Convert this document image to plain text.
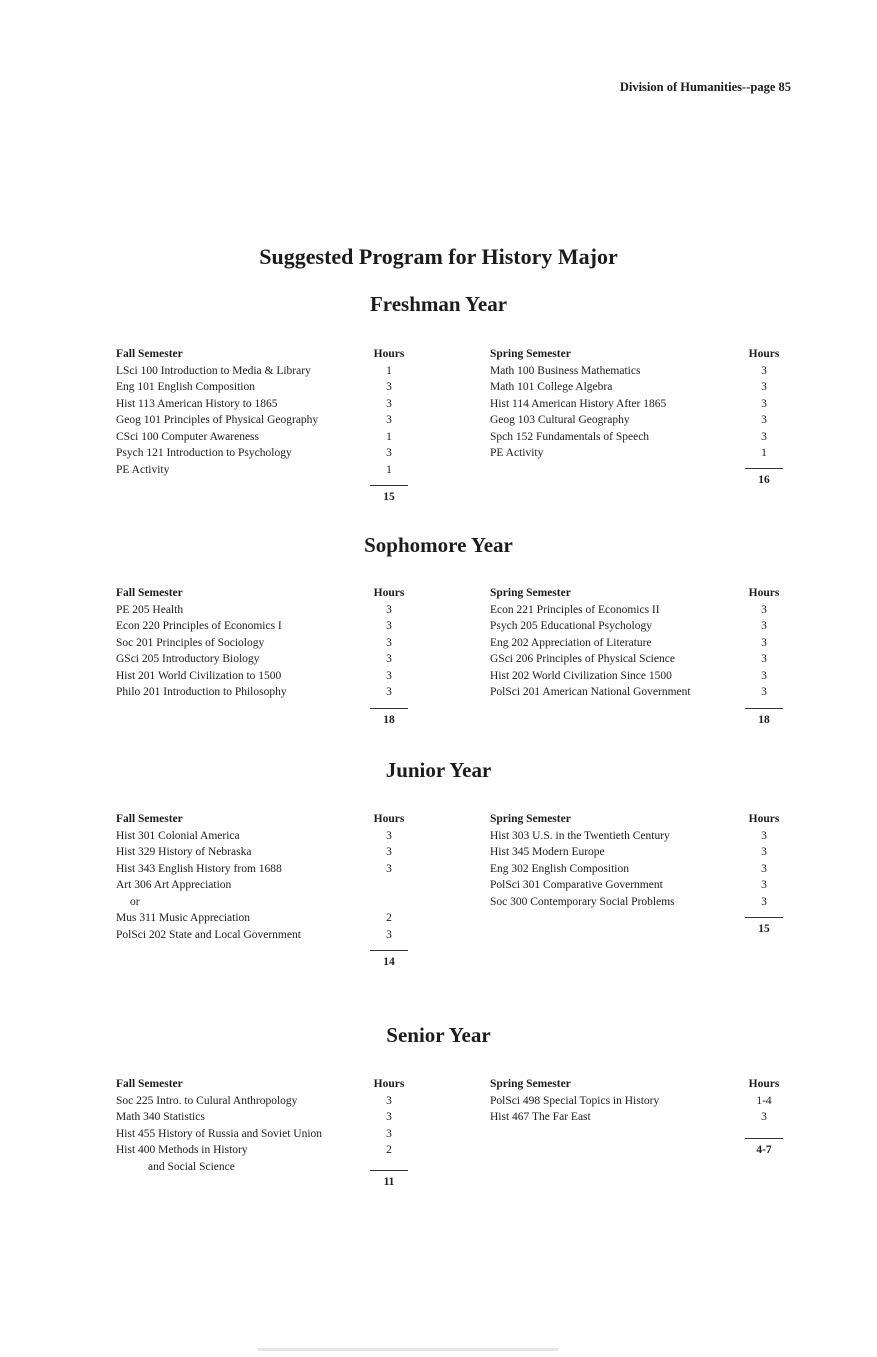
Division of Humanities--page 85
Suggested Program for History Major
Freshman Year
Fall Semester	Hours
LSci 100 Introduction to Media & Library	1
Eng 101 English Composition	3
Hist 113 American History to 1865	3
Geog 101 Principles of Physical Geography	3
CSci 100 Computer Awareness	1
Psych 121 Introduction to Psychology	3
PE Activity	1
15
Spring Semester	Hours
Math 100 Business Mathematics	3
Math 101 College Algebra	3
Hist 114 American History After 1865	3
Geog 103 Cultural Geography	3
Spch 152 Fundamentals of Speech	3
PE Activity	1
16
Sophomore Year
Fall Semester	Hours
PE 205 Health	3
Econ 220 Principles of Economics I	3
Soc 201 Principles of Sociology	3
GSci 205 Introductory Biology	3
Hist 201 World Civilization to 1500	3
Philo 201 Introduction to Philosophy	3
18
Spring Semester	Hours
Econ 221 Principles of Economics II	3
Psych 205 Educational Psychology	3
Eng 202 Appreciation of Literature	3
GSci 206 Principles of Physical Science	3
Hist 202 World Civilization Since 1500	3
PolSci 201 American National Government	3
18
Junior Year
Fall Semester	Hours
Hist 301 Colonial America	3
Hist 329 History of Nebraska	3
Hist 343 English History from 1688	3
Art 306 Art Appreciation
or
Mus 311 Music Appreciation	2
PolSci 202 State and Local Government	3
14
Spring Semester	Hours
Hist 303 U.S. in the Twentieth Century	3
Hist 345 Modern Europe	3
Eng 302 English Composition	3
PolSci 301 Comparative Government	3
Soc 300 Contemporary Social Problems	3
15
Senior Year
Fall Semester	Hours
Soc 225 Intro. to Culural Anthropology	3
Math 340 Statistics	3
Hist 455 History of Russia and Soviet Union	3
Hist 400 Methods in History	2
and Social Science
11
Spring Semester	Hours
PolSci 498 Special Topics in History	1-4
Hist 467 The Far East	3
4-7
